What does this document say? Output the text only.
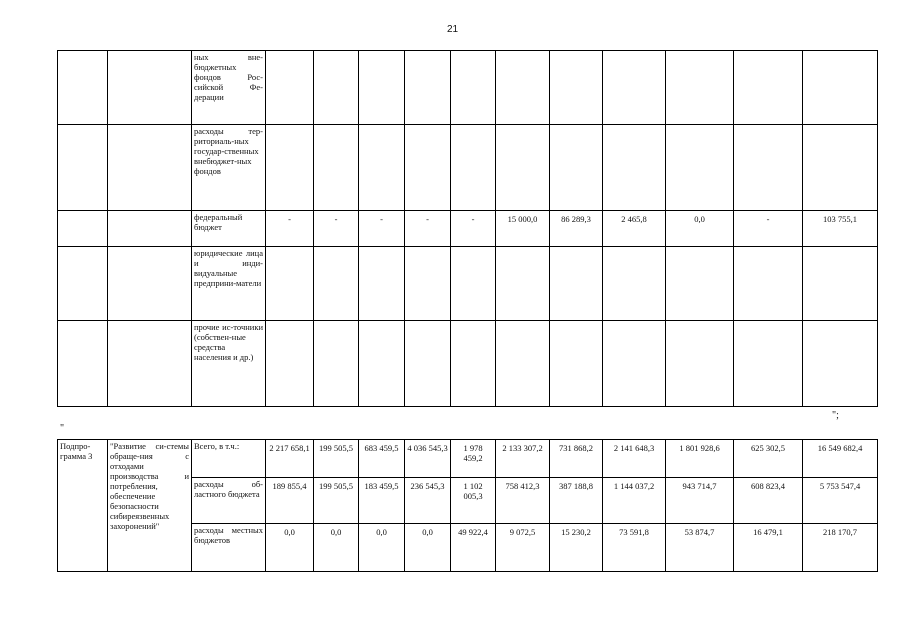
21
		ных вне-бюджетных фондов Рос-сийской Фе-дерации											
		расходы тер-риториаль-ных государ-ственных внебюджет-ных фондов											
		федеральный бюджет	-	-	-	-	-	15 000,0	86 289,3	2 465,8	0,0	-	103 755,1
		юридические лица и инди-видуальные предприни-матели											
		прочие ис-точники (собствен-ные средства населения и др.)											
";
"
Подпро-грамма 3	"Развитие си-стемы обраще-ния с отходами производства и потребления, обеспечение безопасности сибиреязвенных захоронений"	Всего, в т.ч.:	2 217 658,1	199 505,5	683 459,5	4 036 545,3	1 978 459,2	2 133 307,2	731 868,2	2 141 648,3	1 801 928,6	625 302,5	16 549 682,4
		расходы об-ластного бюджета	189 855,4	199 505,5	183 459,5	236 545,3	1 102 005,3	758 412,3	387 188,8	1 144 037,2	943 714,7	608 823,4	5 753 547,4
		расходы местных бюджетов	0,0	0,0	0,0	0,0	49 922,4	9 072,5	15 230,2	73 591,8	53 874,7	16 479,1	218 170,7
